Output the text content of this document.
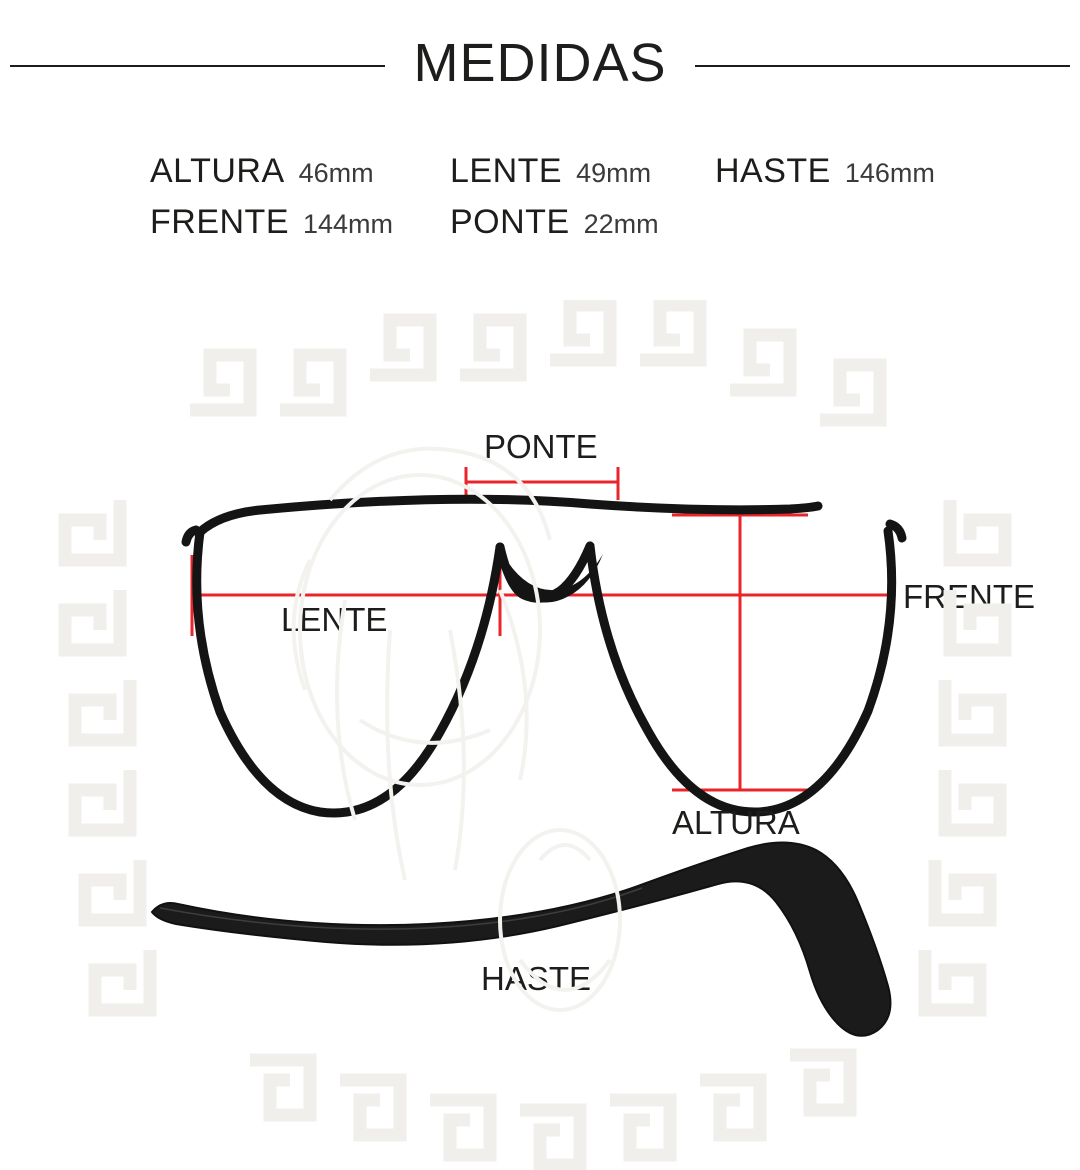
MEDIDAS
ALTURA 46mm LENTE 49mm HASTE 146mm
FRENTE 144mm PONTE 22mm
PONTE
LENTE
FRENTE
ALTURA
HASTE
